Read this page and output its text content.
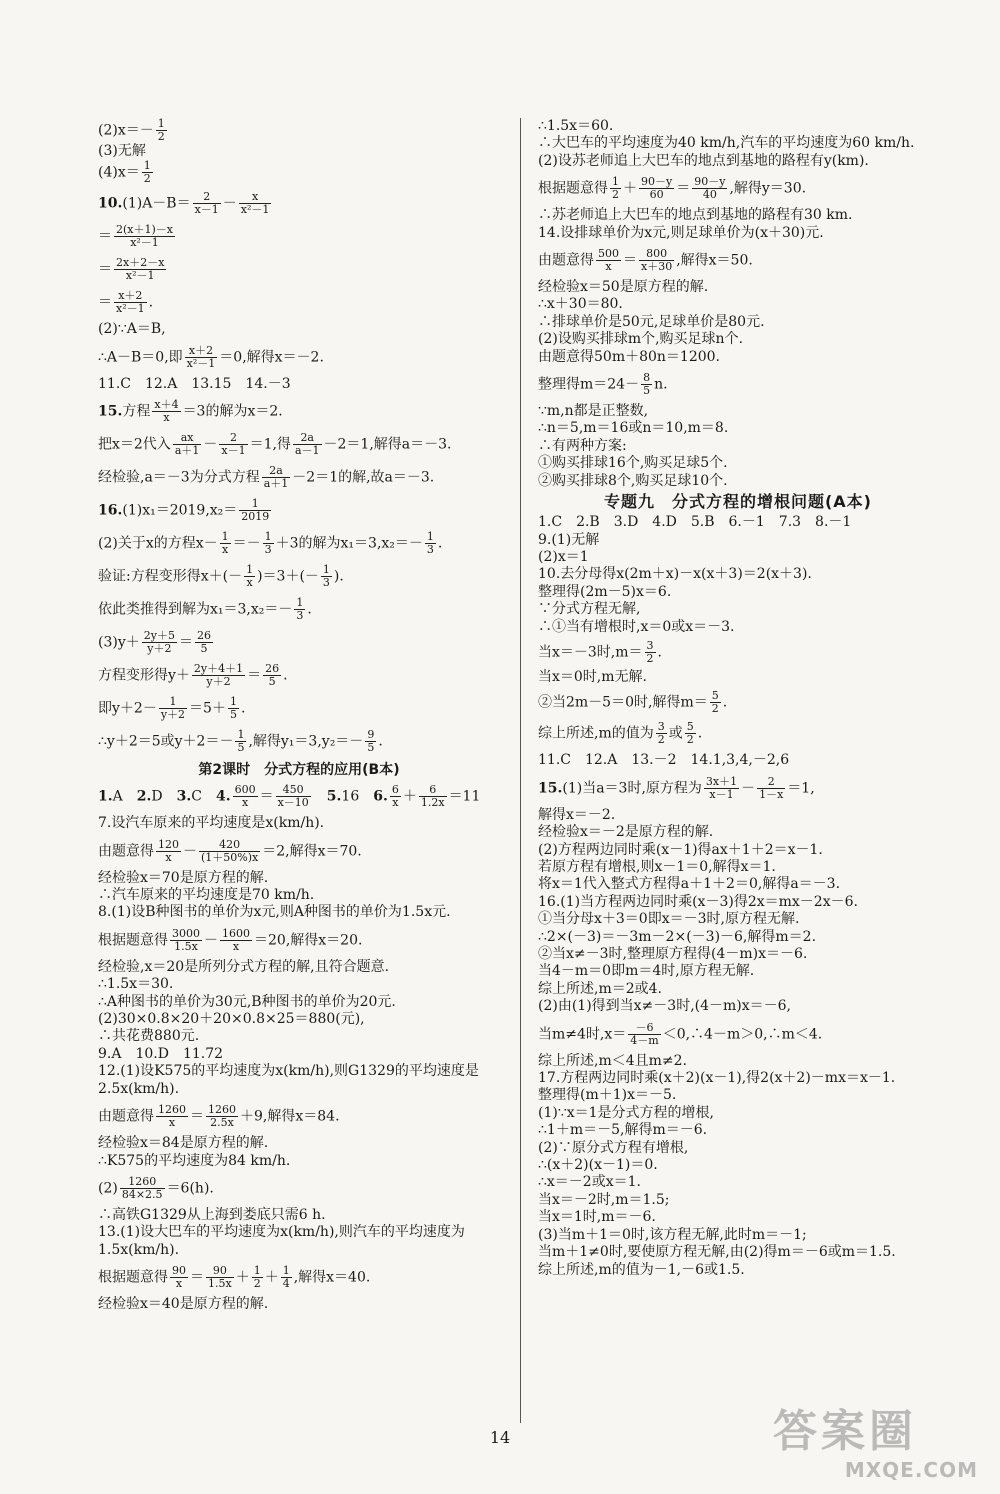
$(2)x=- \frac{1}{2}$
(3)无解
$(4)x= \frac{1}{2}$
$10.(1)A-B= \frac{2}{x-1} - \frac{x}{\text{x²－1}}$
＝ $\frac{2(x+1)-x}{\text{x²－1}}$
＝ $\frac{2x+2-x}{\text{x²－1}}$
＝ $\frac{x+2}{\text{x²－1}}$ .
(2)∵A＝B,
∴A－B＝0,即 $\frac{x+2}{\text{x²－1}} =0$,解得x＝－2.
11.C　12.A　13.15　14.－3
15.方程 $\frac{x+4}{x} =3$的解为x＝2.
把x＝2代入 $\frac{ax}{a+1} - \frac{2}{x-1} =1$,得 $\frac{2a}{a-1} -2=1$,解得a＝－3.
经检验,a＝－3为分式方程 $\frac{2a}{a+1} -2=1$的解,故a＝－3.
$16.(1)x_1=2019,x_2= \frac{1}{2019}$
(2)关于x的方程$x- \frac{1}{x} =- \frac{1}{3} +3$的解为$x_1=3,x_2=- \frac{1}{3}$ .
验证:方程变形得$x+(- \frac{1}{x} )=3+(- \frac{1}{3}$ ).
依此类推得到解为$x_1=3,x_2=- \frac{1}{3}$ .
$(3)y+ \frac{2y+5}{y+2} = \frac{26}{5}$
方程变形得$y+ \frac{2y+4+1}{y+2} = \frac{26}{5}$ .
即$y+2- \frac{1}{y+2} =5+ \frac{1}{5}$ .
∴y＋2＝5或$y+2=- \frac{1}{5}$ ,解得$y_1=3,y_2=- \frac{9}{5}$ .
第2课时　分式方程的应用(B本)
1.A　2.D　3.C　4. $\frac{600}{x} = \frac{450}{x-10}$
　 5.16　6. $\frac{6}{x} + \frac{6}{1.2x} =11$
7.设汽车原来的平均速度是x(km/h).
由题意得 $\frac{120}{x} - \frac{420}{(1+50\%)x} =2$,解得x＝70.
经检验x＝70是原方程的解.
∴汽车原来的平均速度是70 km/h.
8.(1)设B种图书的单价为x元,则A种图书的单价为1.5x元.
根据题意得 $\frac{3000}{1.5x} - \frac{1600}{x} =20$,解得x＝20.
经检验,x＝20是所列分式方程的解,且符合题意.
∴1.5x＝30.
∴A种图书的单价为30元,B种图书的单价为20元.
(2)30×0.8×20＋20×0.8×25＝880(元),
∴共花费880元.
9.A　10.D　11.72
12.(1)设K575的平均速度为x(km/h),则G1329的平均速度是
2.5x(km/h).
由题意得 $\frac{1260}{x} = \frac{1260}{2.5x} +9$,解得x＝84.
经检验x＝84是原方程的解.
∴K575的平均速度为84 km/h.
$(2) \frac{1260}{84\times 2.5} =6(h)$.
∴高铁G1329从上海到娄底只需6 h.
13.(1)设大巴车的平均速度为x(km/h),则汽车的平均速度为
1.5x(km/h).
根据题意得 $\frac{90}{x} = \frac{90}{1.5x} + \frac{1}{2} + \frac{1}{4}$ ,解得x＝40.
经检验x＝40是原方程的解.
∴1.5x＝60.
∴大巴车的平均速度为40 km/h,汽车的平均速度为60 km/h.
(2)设苏老师追上大巴车的地点到基地的路程有y(km).
根据题意得 $\frac{1}{2} + \frac{90-y}{60} = \frac{90-y}{40}$ ,解得y＝30.
∴苏老师追上大巴车的地点到基地的路程有30 km.
14.设排球单价为x元,则足球单价为(x＋30)元.
由题意得 $\frac{500}{x} = \frac{800}{x+30}$ ,解得x＝50.
经检验x＝50是原方程的解.
∴x＋30＝80.
∴排球单价是50元,足球单价是80元.
(2)设购买排球m个,购买足球n个.
由题意得50m＋80n＝1200.
整理得$m=24- \frac{8}{5} n$.
∵m,n都是正整数,
∴n＝5,m＝16或n＝10,m＝8.
∴有两种方案:
①购买排球16个,购买足球5个.
②购买排球8个,购买足球10个.
专题九　分式方程的增根问题(A本)
1.C　2.B　3.D　4.D　5.B　6.－1　7.3　8.－1
9.(1)无解
(2)x＝1
10.去分母得x(2m＋x)－x(x＋3)＝2(x＋3).
整理得(2m－5)x＝6.
∵分式方程无解,
∴①当有增根时,x＝0或x＝－3.
当x＝－3时$,m= \frac{3}{2}$ .
当x＝0时,m无解.
②当2m－5＝0时,解得$m= \frac{5}{2}$ .
综上所述,m的值为 $\frac{3}{2}$ 或 $\frac{5}{2}$ .
11.C　12.A　13.－2　14.1,3,4,－2,6
15.(1)当a＝3时,原方程为 $\frac{3x+1}{x-1} - \frac{2}{1-x} =1$,
解得x＝－2.
经检验x＝－2是原方程的解.
(2)方程两边同时乘(x－1)得ax＋1＋2＝x－1.
若原方程有增根,则x－1＝0,解得x＝1.
将x＝1代入整式方程得a＋1＋2＝0,解得a＝－3.
16.(1)当方程两边同时乘(x－3)得2x＝mx－2x－6.
①当分母x＋3＝0即x＝－3时,原方程无解.
∴2×(－3)＝－3m－2×(－3)－6,解得m＝2.
②当x≠－3时,整理原方程得(4－m)x＝－6.
当4－m＝0即m＝4时,原方程无解.
综上所述,m＝2或4.
(2)由(1)得到当x≠－3时,(4－m)x＝－6,
当m≠4时$,x= \frac{-6}{4-m}$ ＜0,∴4－m＞0,∴m＜4.
综上所述,m＜4且m≠2.
17.方程两边同时乘(x＋2)(x－1),得2(x＋2)－mx＝x－1.
整理得(m＋1)x＝－5.
(1)∵x＝1是分式方程的增根,
∴1＋m＝－5,解得m＝－6.
(2)∵原分式方程有增根,
∴(x＋2)(x－1)＝0.
∴x＝－2或x＝1.
当x＝－2时,m＝1.5;
当x＝1时,m＝－6.
(3)当m＋1＝0时,该方程无解,此时m＝－1;
当m＋1≠0时,要使原方程无解,由(2)得m＝－6或m＝1.5.
综上所述,m的值为－1,－6或1.5.
14	答案圈
MXQE.COM
